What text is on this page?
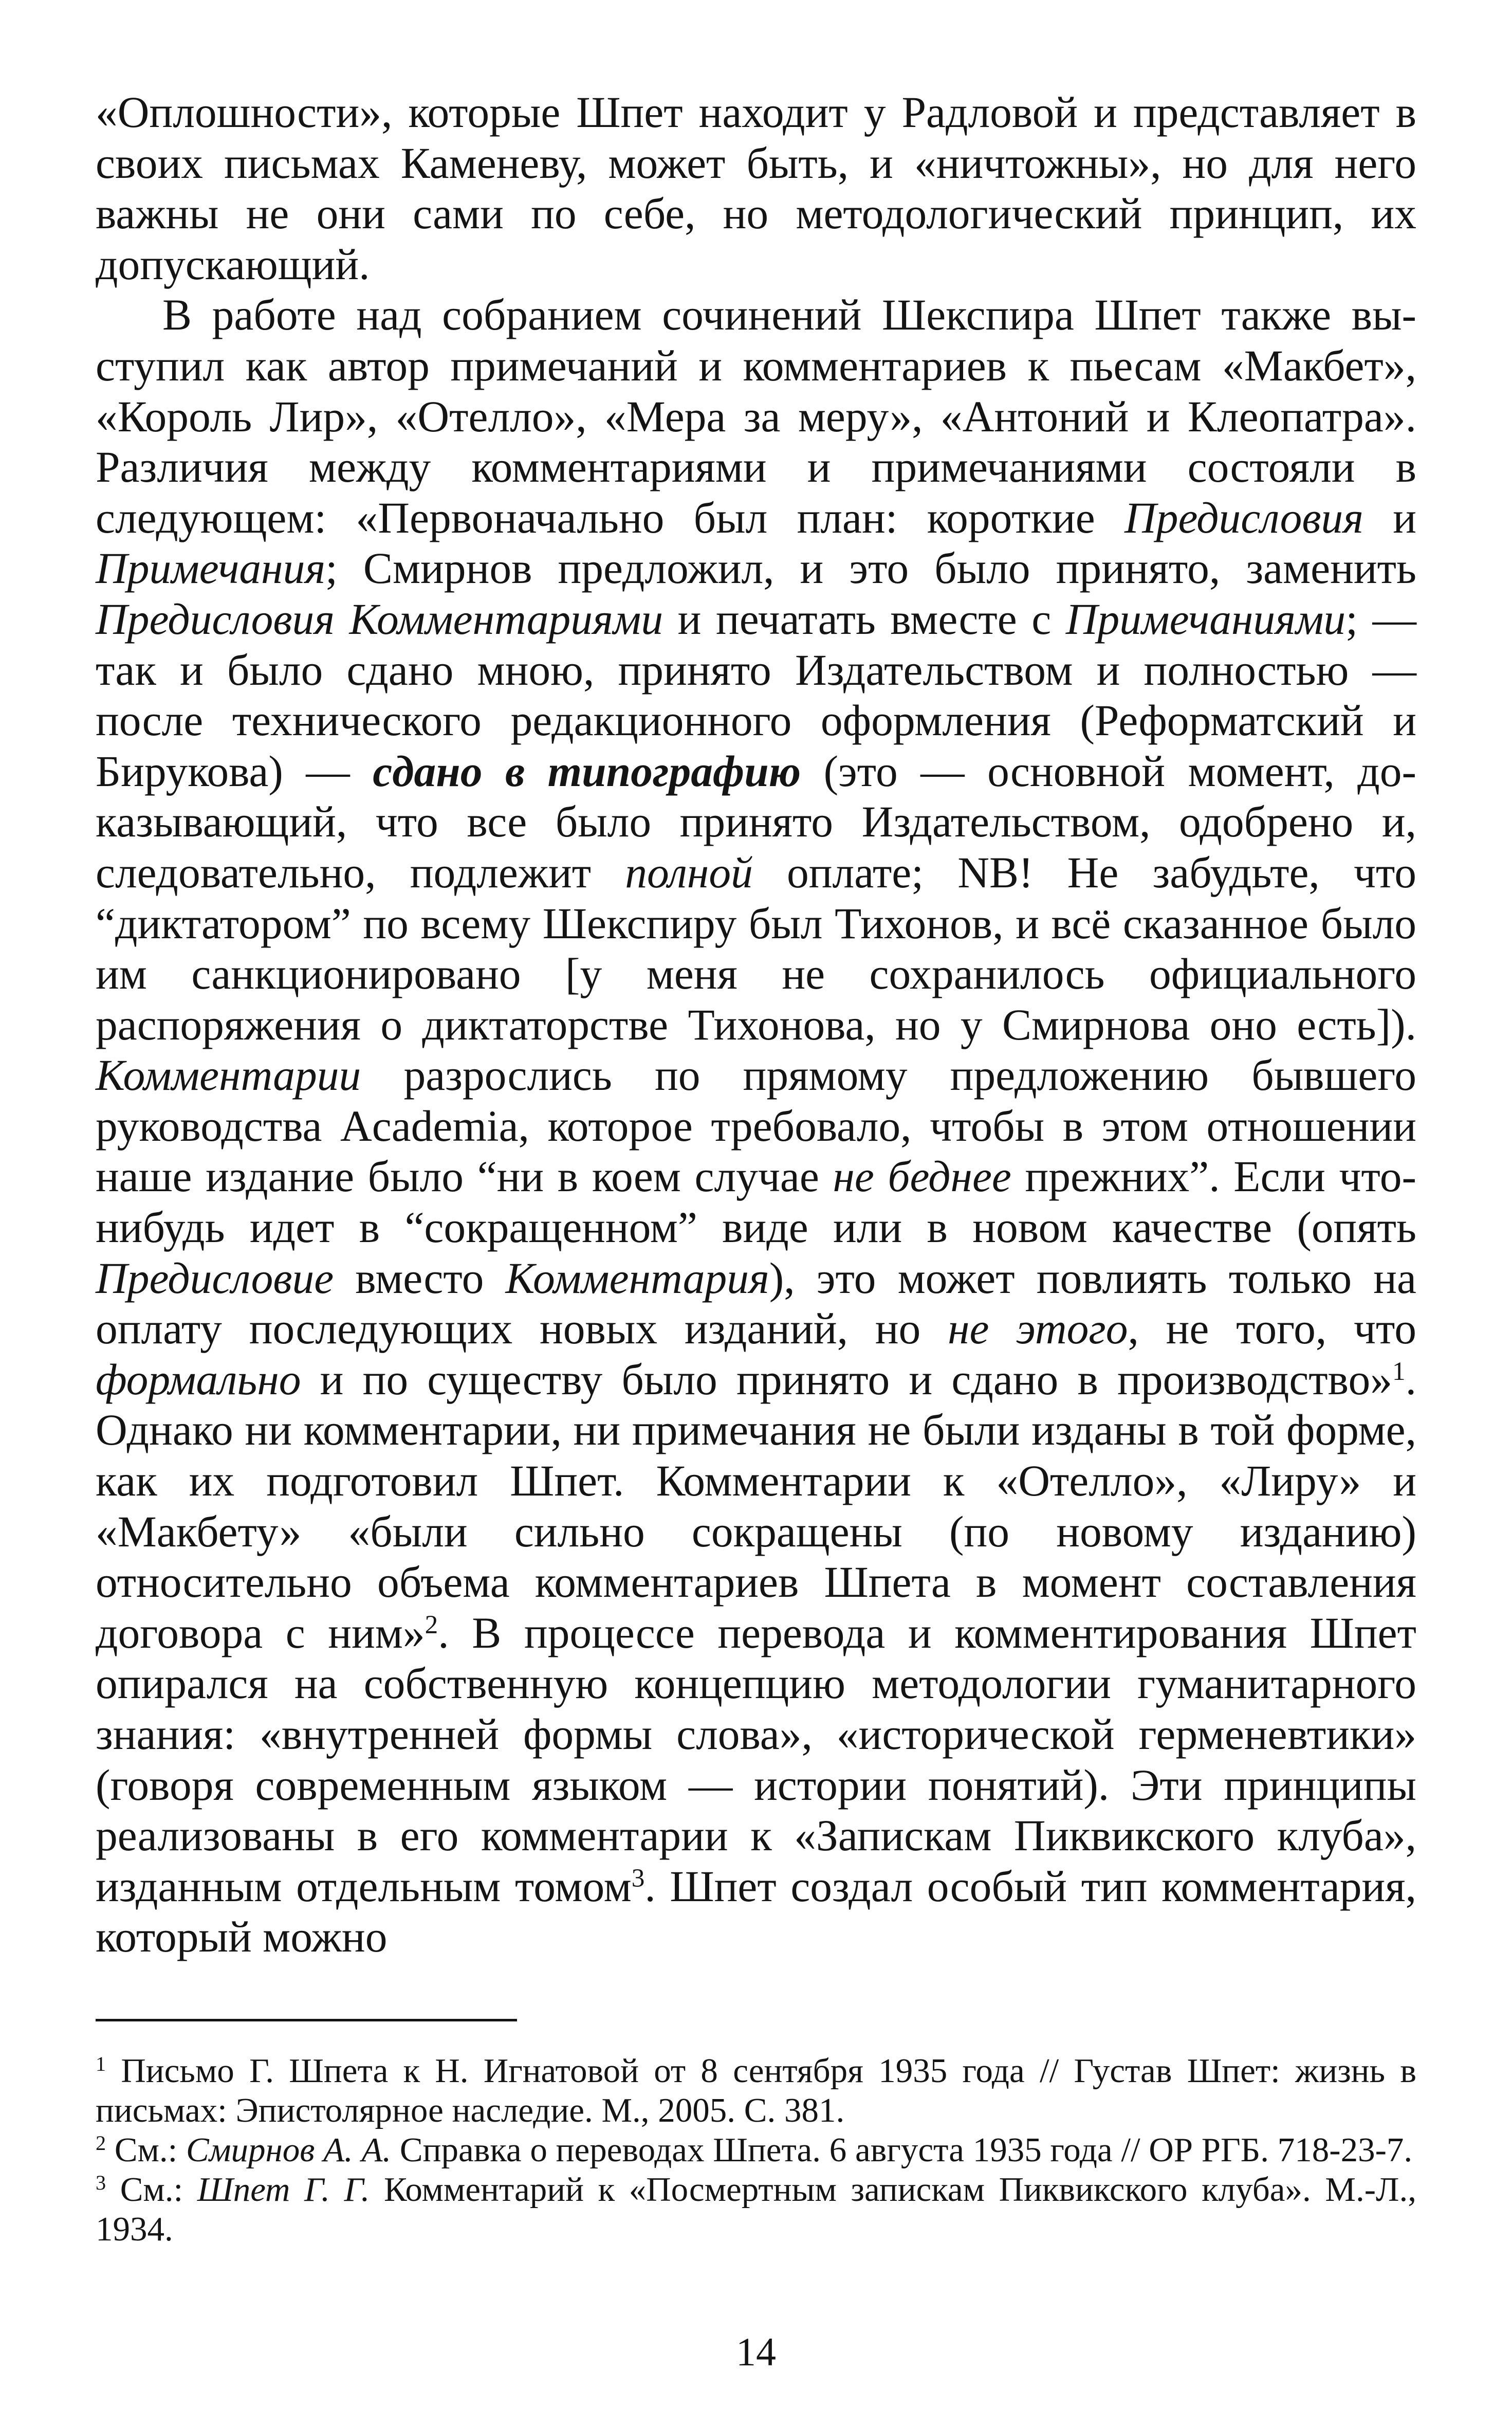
«Оплошности», которые Шпет находит у Радловой и представляет в своих письмах Каменеву, может быть, и «ничтожны», но для него важны не они сами по себе, но методологический принцип, их допускающий.

В работе над собранием сочинений Шекспира Шпет также выступил как автор примечаний и комментариев к пьесам «Макбет», «Король Лир», «Отелло», «Мера за меру», «Антоний и Клеопатра». Различия между комментариями и примечаниями состояли в следующем: «Первоначально был план: короткие Предисловия и Примечания; Смирнов предложил, и это было принято, заменить Предисловия Комментариями и печатать вместе с Примечаниями; — так и было сдано мною, принято Издательством и полностью — после технического редакционного оформления (Реформатский и Бирукова) — сдано в типографию (это — основной момент, доказывающий, что все было принято Издательством, одобрено и, следовательно, подлежит полной оплате; NB! Не забудьте, что “диктатором” по всему Шекспиру был Тихонов, и всё сказанное было им санкционировано [у меня не сохранилось официального распоряжения о диктаторстве Тихонова, но у Смирнова оно есть]). Комментарии разрослись по прямому предложению бывшего руководства Academia, которое требовало, чтобы в этом отношении наше издание было “ни в коем случае не беднее прежних”. Если что-нибудь идет в “сокращенном” виде или в новом качестве (опять Предисловие вместо Комментария), это может повлиять только на оплату последующих новых изданий, но не этого, не того, что формально и по существу было принято и сдано в производство»$^1$. Однако ни комментарии, ни примечания не были изданы в той форме, как их подготовил Шпет. Комментарии к «Отелло», «Лиру» и «Макбету» «были сильно сокращены (по новому изданию) относительно объема комментариев Шпета в момент составления договора с ним»$^2$. В процессе перевода и комментирования Шпет опирался на собственную концепцию методологии гуманитарного знания: «внутренней формы слова», «исторической герменевтики» (говоря современным языком — истории понятий). Эти принципы реализованы в его комментарии к «Запискам Пиквикского клуба», изданным отдельным томом$^3$. Шпет создал особый тип комментария, который можно

$^1$ Письмо Г. Шпета к Н. Игнатовой от 8 сентября 1935 года // Густав Шпет: жизнь в письмах: Эпистолярное наследие. М., 2005. С. 381.

$^2$ См.: Смирнов А. А. Справка о переводах Шпета. 6 августа 1935 года // ОР РГБ. 718-23-7.

$^3$ См.: Шпет Г. Г. Комментарий к «Посмертным запискам Пиквикского клуба». М.-Л., 1934.

14
